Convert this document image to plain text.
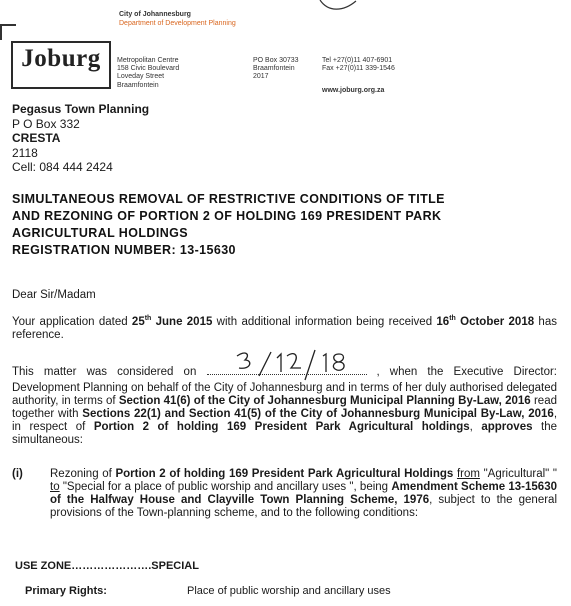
Joburg
City of Johannesburg
Department of Development Planning
Metropolitan Centre
158 Civic Boulevard
Loveday Street
Braamfontein
PO Box 30733
Braamfontein
2017
Tel +27(0)11 407-6901
Fax +27(0)11 339-1546
www.joburg.org.za
Pegasus Town Planning
P O Box 332
CRESTA
2118
Cell: 084 444 2424
SIMULTANEOUS REMOVAL OF RESTRICTIVE CONDITIONS OF TITLE
AND REZONING OF PORTION 2 OF HOLDING 169 PRESIDENT PARK
AGRICULTURAL HOLDINGS
REGISTRATION NUMBER: 13-15630
Dear Sir/Madam
Your application dated 25th June 2015 with additional information being received 16th October 2018 has reference.
This matter was considered on	, when the Executive Director: Development Planning on behalf of the City of Johannesburg and in terms of her duly authorised delegated authority, in terms of Section 41(6) of the City of Johannesburg Municipal Planning By-Law, 2016 read together with Sections 22(1) and Section 41(5) of the City of Johannesburg Municipal By-Law, 2016, in respect of Portion 2 of holding 169 President Park Agricultural holdings, approves the simultaneous:
(i) Rezoning of Portion 2 of holding 169 President Park Agricultural Holdings from "Agricultural" " to "Special for a place of public worship and ancillary uses ", being Amendment Scheme 13-15630 of the Halfway House and Clayville Town Planning Scheme, 1976, subject to the general provisions of the Town-planning scheme, and to the following conditions:
USE ZONE………………….SPECIAL
Primary Rights:	Place of public worship and ancillary uses
